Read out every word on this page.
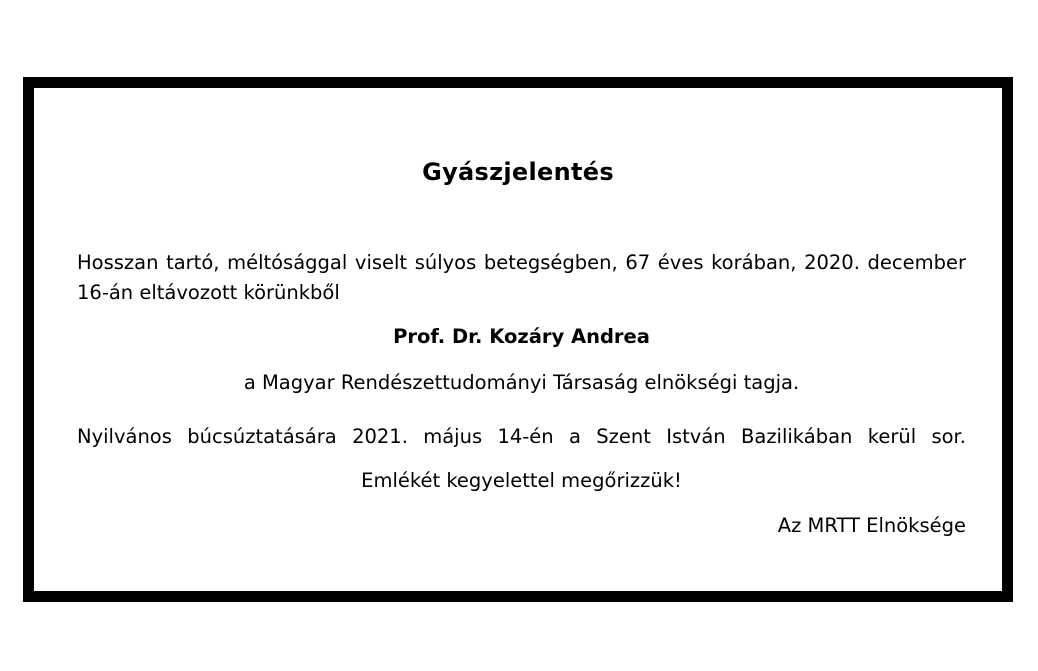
Gyászjelentés
Hosszan tartó, méltósággal viselt súlyos betegségben, 67 éves korában, 2020. december 16-án eltávozott körünkből
Prof. Dr. Kozáry Andrea
a Magyar Rendészettudományi Társaság elnökségi tagja.
Nyilvános búcsúztatására 2021. május 14-én a Szent István Bazilikában kerül sor.
Emlékét kegyelettel megőrizzük!
Az MRTT Elnöksége
